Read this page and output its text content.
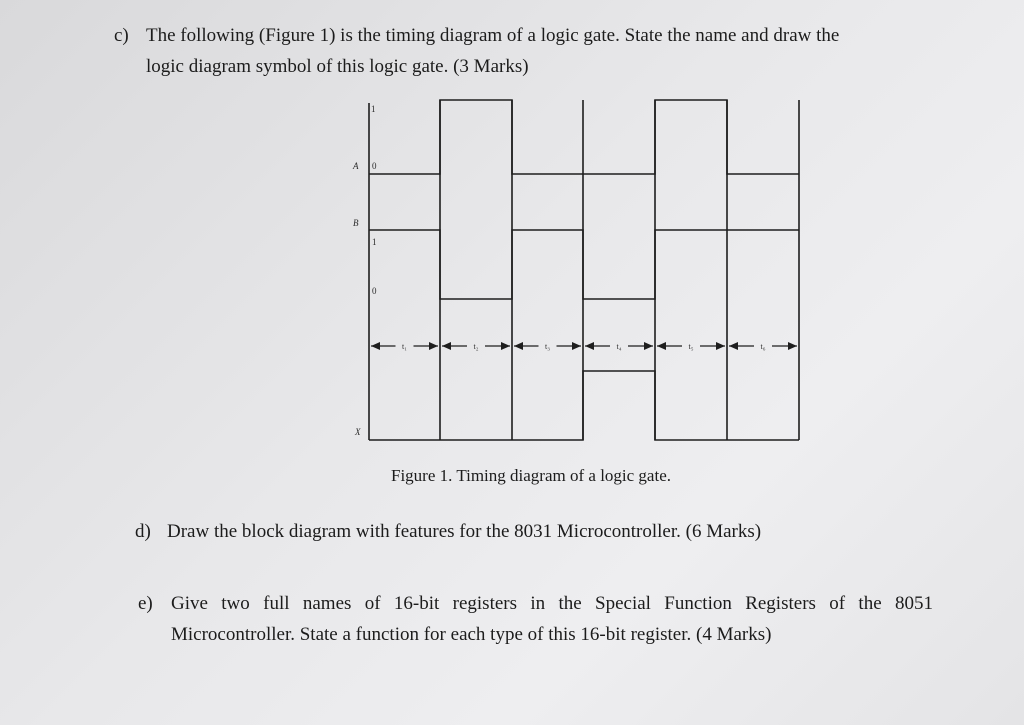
c) The following (Figure 1) is the timing diagram of a logic gate. State the name and draw the
logic diagram symbol of this logic gate. (3 Marks)
1
A 0
B
1
0
X
t₁	t₂	t₃	t₄	t₅	t₆
Figure 1. Timing diagram of a logic gate.
d) Draw the block diagram with features for the 8031 Microcontroller. (6 Marks)
e) Give two full names of 16-bit registers in the Special Function Registers of the 8051
Microcontroller. State a function for each type of this 16-bit register. (4 Marks)
